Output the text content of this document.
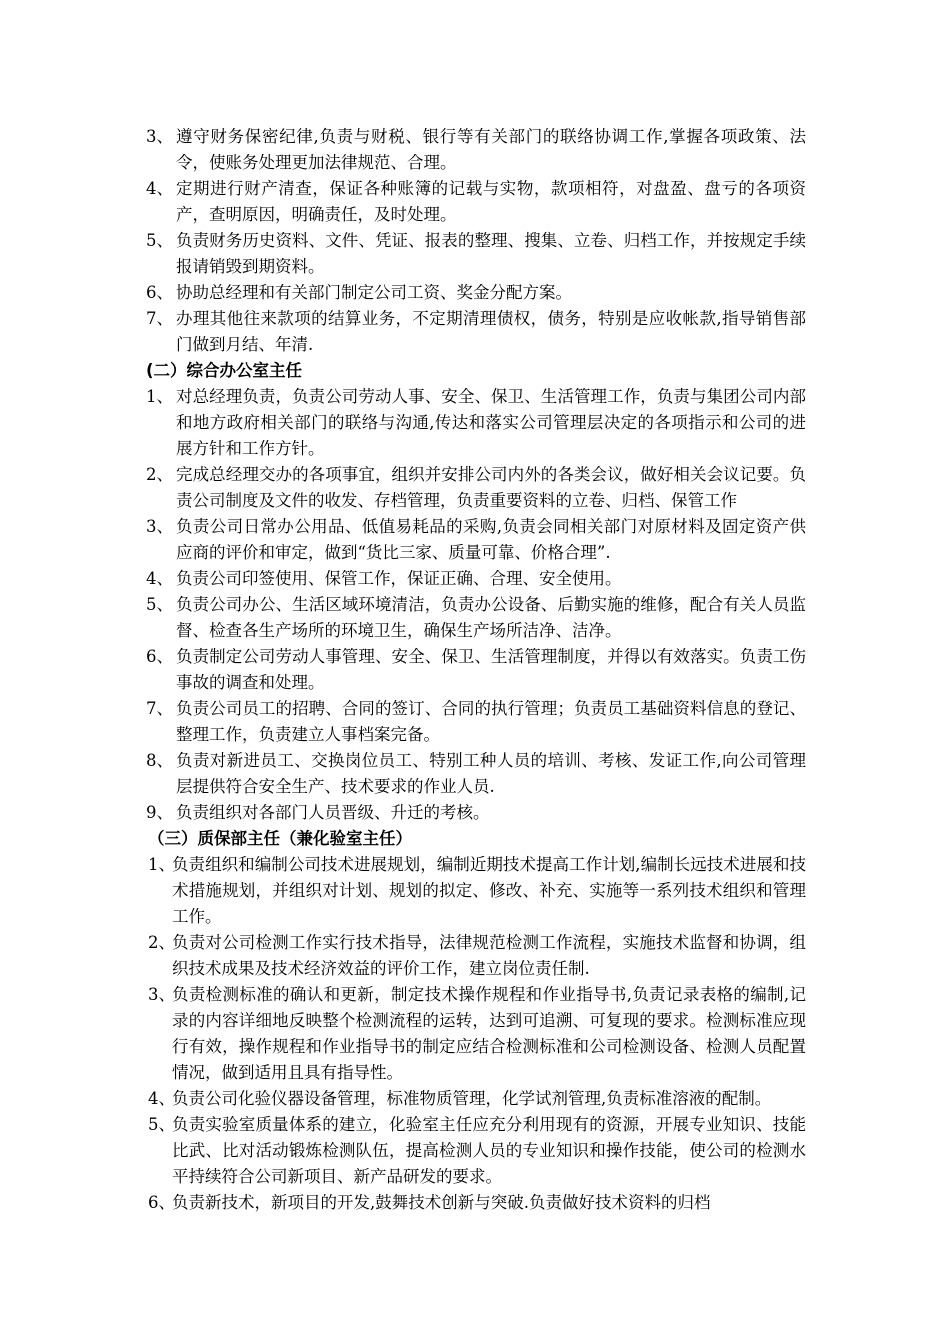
3、 遵守财务保密纪律,负责与财税、银行等有关部门的联络协调工作,掌握各项政策、法令，使账务处理更加法律规范、合理。
4、 定期进行财产清查，保证各种账簿的记载与实物，款项相符，对盘盈、盘亏的各项资产，查明原因，明确责任，及时处理。
5、 负责财务历史资料、文件、凭证、报表的整理、搜集、立卷、归档工作，并按规定手续报请销毁到期资料。
6、 协助总经理和有关部门制定公司工资、奖金分配方案。
7、 办理其他往来款项的结算业务，不定期清理债权，债务，特别是应收帐款,指导销售部门做到月结、年清.
(二）综合办公室主任
1、 对总经理负责，负责公司劳动人事、安全、保卫、生活管理工作，负责与集团公司内部和地方政府相关部门的联络与沟通,传达和落实公司管理层决定的各项指示和公司的进展方针和工作方针。
2、 完成总经理交办的各项事宜，组织并安排公司内外的各类会议，做好相关会议记要。负责公司制度及文件的收发、存档管理，负责重要资料的立卷、归档、保管工作
3、 负责公司日常办公用品、低值易耗品的采购,负责会同相关部门对原材料及固定资产供应商的评价和审定，做到“货比三家、质量可靠、价格合理”.
4、 负责公司印签使用、保管工作，保证正确、合理、安全使用。
5、 负责公司办公、生活区域环境清洁，负责办公设备、后勤实施的维修，配合有关人员监督、检查各生产场所的环境卫生，确保生产场所洁净、洁净。
6、 负责制定公司劳动人事管理、安全、保卫、生活管理制度，并得以有效落实。负责工伤事故的调查和处理。
7、 负责公司员工的招聘、合同的签订、合同的执行管理；负责员工基础资料信息的登记、整理工作，负责建立人事档案完备。
8、 负责对新进员工、交换岗位员工、特别工种人员的培训、考核、发证工作,向公司管理层提供符合安全生产、技术要求的作业人员.
9、 负责组织对各部门人员晋级、升迁的考核。
（三）质保部主任（兼化验室主任）
1、
负责组织和编制公司技术进展规划，编制近期技术提高工作计划,编制长远技术进展和技术措施规划，并组织对计划、规划的拟定、修改、补充、实施等一系列技术组织和管理工作。
2、
负责对公司检测工作实行技术指导，法律规范检测工作流程，实施技术监督和协调，组织技术成果及技术经济效益的评价工作，建立岗位责任制.
3、
负责检测标准的确认和更新，制定技术操作规程和作业指导书,负责记录表格的编制,记录的内容详细地反映整个检测流程的运转，达到可追溯、可复现的要求。检测标准应现行有效，操作规程和作业指导书的制定应结合检测标准和公司检测设备、检测人员配置情况，做到适用且具有指导性。
4、
负责公司化验仪器设备管理，标准物质管理，化学试剂管理,负责标准溶液的配制。
5、
负责实验室质量体系的建立，化验室主任应充分利用现有的资源，开展专业知识、技能比武、比对活动锻炼检测队伍，提高检测人员的专业知识和操作技能，使公司的检测水平持续符合公司新项目、新产品研发的要求。
6、
负责新技术，新项目的开发,鼓舞技术创新与突破.负责做好技术资料的归档
